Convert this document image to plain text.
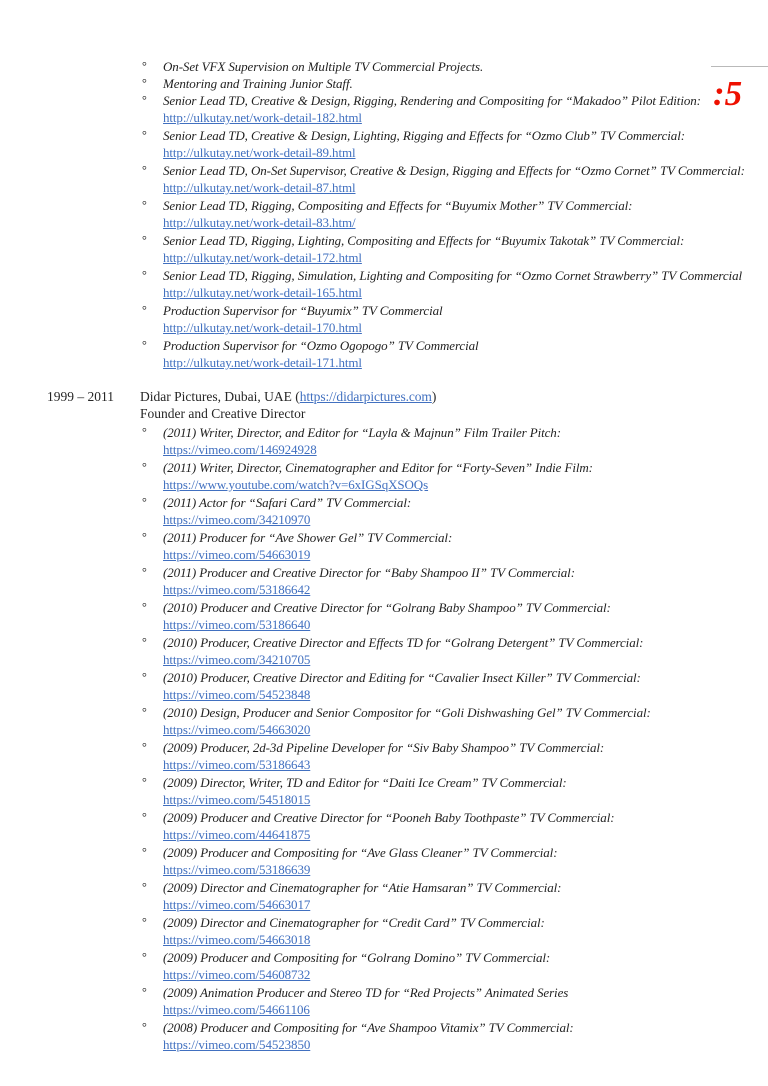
:5
° On-Set VFX Supervision on Multiple TV Commercial Projects.
° Mentoring and Training Junior Staff.
° Senior Lead TD, Creative & Design, Rigging, Rendering and Compositing for “Makadoo” Pilot Edition:
http://ulkutay.net/work-detail-182.html
° Senior Lead TD, Creative & Design, Lighting, Rigging and Effects for “Ozmo Club” TV Commercial:
http://ulkutay.net/work-detail-89.html
° Senior Lead TD, On-Set Supervisor, Creative & Design, Rigging and Effects for “Ozmo Cornet” TV Commercial:
http://ulkutay.net/work-detail-87.html
° Senior Lead TD, Rigging, Compositing and Effects for “Buyumix Mother” TV Commercial:
http://ulkutay.net/work-detail-83.htm/
° Senior Lead TD, Rigging, Lighting, Compositing and Effects for “Buyumix Takotak” TV Commercial:
http://ulkutay.net/work-detail-172.html
° Senior Lead TD, Rigging, Simulation, Lighting and Compositing for “Ozmo Cornet Strawberry” TV Commercial
http://ulkutay.net/work-detail-165.html
° Production Supervisor for “Buyumix” TV Commercial
http://ulkutay.net/work-detail-170.html
° Production Supervisor for “Ozmo Ogopogo” TV Commercial
http://ulkutay.net/work-detail-171.html
1999 – 2011	Didar Pictures, Dubai, UAE (https://didarpictures.com)
Founder and Creative Director
° (2011) Writer, Director, and Editor for “Layla & Majnun” Film Trailer Pitch:
https://vimeo.com/146924928
° (2011) Writer, Director, Cinematographer and Editor for “Forty-Seven” Indie Film:
https://www.youtube.com/watch?v=6xIGSqXSOQs
° (2011) Actor for “Safari Card” TV Commercial:
https://vimeo.com/34210970
° (2011) Producer for “Ave Shower Gel” TV Commercial:
https://vimeo.com/54663019
° (2011) Producer and Creative Director for “Baby Shampoo II” TV Commercial:
https://vimeo.com/53186642
° (2010) Producer and Creative Director for “Golrang Baby Shampoo” TV Commercial:
https://vimeo.com/53186640
° (2010) Producer, Creative Director and Effects TD for “Golrang Detergent” TV Commercial:
https://vimeo.com/34210705
° (2010) Producer, Creative Director and Editing for “Cavalier Insect Killer” TV Commercial:
https://vimeo.com/54523848
° (2010) Design, Producer and Senior Compositor for “Goli Dishwashing Gel” TV Commercial:
https://vimeo.com/54663020
° (2009) Producer, 2d-3d Pipeline Developer for “Siv Baby Shampoo” TV Commercial:
https://vimeo.com/53186643
° (2009) Director, Writer, TD and Editor for “Daiti Ice Cream” TV Commercial:
https://vimeo.com/54518015
° (2009) Producer and Creative Director for “Pooneh Baby Toothpaste” TV Commercial:
https://vimeo.com/44641875
° (2009) Producer and Compositing for “Ave Glass Cleaner” TV Commercial:
https://vimeo.com/53186639
° (2009) Director and Cinematographer for “Atie Hamsaran” TV Commercial:
https://vimeo.com/54663017
° (2009) Director and Cinematographer for “Credit Card” TV Commercial:
https://vimeo.com/54663018
° (2009) Producer and Compositing for “Golrang Domino” TV Commercial:
https://vimeo.com/54608732
° (2009) Animation Producer and Stereo TD for “Red Projects” Animated Series
https://vimeo.com/54661106
° (2008) Producer and Compositing for “Ave Shampoo Vitamix” TV Commercial:
https://vimeo.com/54523850
